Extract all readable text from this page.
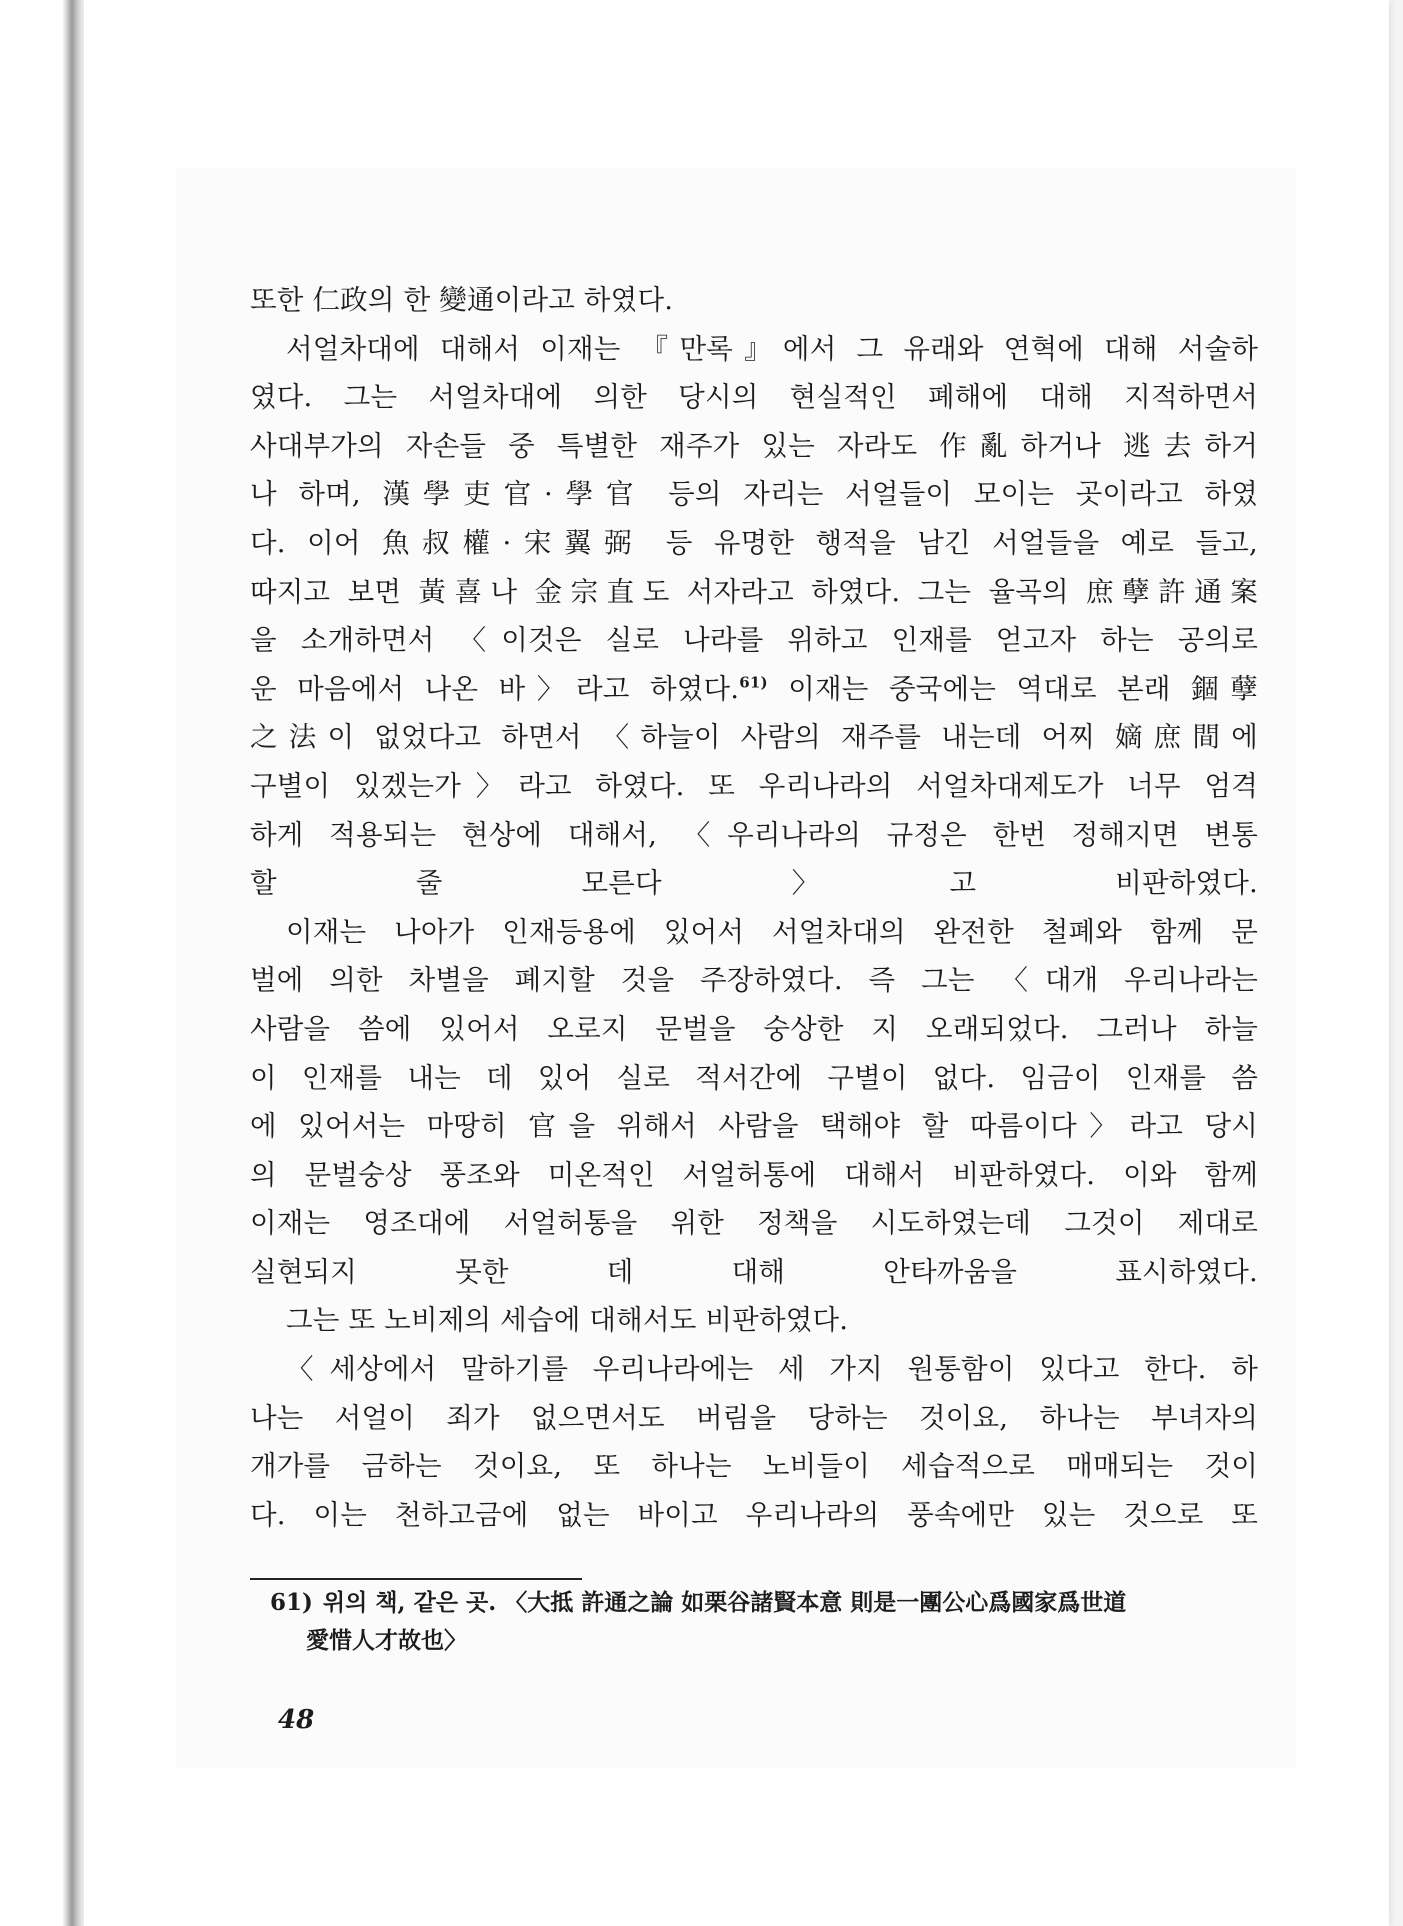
또한 仁政의 한 變通이라고 하였다.

서얼차대에 대해서 이재는 『만록』에서 그 유래와 연혁에 대해 서술하
였다. 그는 서얼차대에 의한 당시의 현실적인 폐해에 대해 지적하면서
사대부가의 자손들 중 특별한 재주가 있는 자라도 作亂하거나 逃去하거
나 하며, 漢學吏官·學官 등의 자리는 서얼들이 모이는 곳이라고 하였
다. 이어 魚叔權·宋翼弼 등 유명한 행적을 남긴 서얼들을 예로 들고,
따지고 보면 黃喜나 金宗直도 서자라고 하였다. 그는 율곡의 庶孽許通案
을 소개하면서 〈이것은 실로 나라를 위하고 인재를 얻고자 하는 공의로
운 마음에서 나온 바〉라고 하였다.$^{61)}$ 이재는 중국에는 역대로 본래 錮孽
之法이 없었다고 하면서 〈하늘이 사람의 재주를 내는데 어찌 嫡庶間에
구별이 있겠는가〉라고 하였다. 또 우리나라의 서얼차대제도가 너무 엄격
하게 적용되는 현상에 대해서, 〈우리나라의 규정은 한번 정해지면 변통
할 줄 모른다〉고 비판하였다.

이재는 나아가 인재등용에 있어서 서얼차대의 완전한 철폐와 함께 문
벌에 의한 차별을 폐지할 것을 주장하였다. 즉 그는 〈대개 우리나라는
사람을 씀에 있어서 오로지 문벌을 숭상한 지 오래되었다. 그러나 하늘
이 인재를 내는 데 있어 실로 적서간에 구별이 없다. 임금이 인재를 씀
에 있어서는 마땅히 官을 위해서 사람을 택해야 할 따름이다〉라고 당시
의 문벌숭상 풍조와 미온적인 서얼허통에 대해서 비판하였다. 이와 함께
이재는 영조대에 서얼허통을 위한 정책을 시도하였는데 그것이 제대로
실현되지 못한 데 대해 안타까움을 표시하였다.

그는 또 노비제의 세습에 대해서도 비판하였다.

〈세상에서 말하기를 우리나라에는 세 가지 원통함이 있다고 한다. 하
나는 서얼이 죄가 없으면서도 버림을 당하는 것이요, 하나는 부녀자의
개가를 금하는 것이요, 또 하나는 노비들이 세습적으로 매매되는 것이
다. 이는 천하고금에 없는 바이고 우리나라의 풍속에만 있는 것으로 또

61) 위의 책, 같은 곳. 〈大抵 許通之論 如栗谷諸賢本意 則是一團公心爲國家爲世道
愛惜人才故也〉
48
